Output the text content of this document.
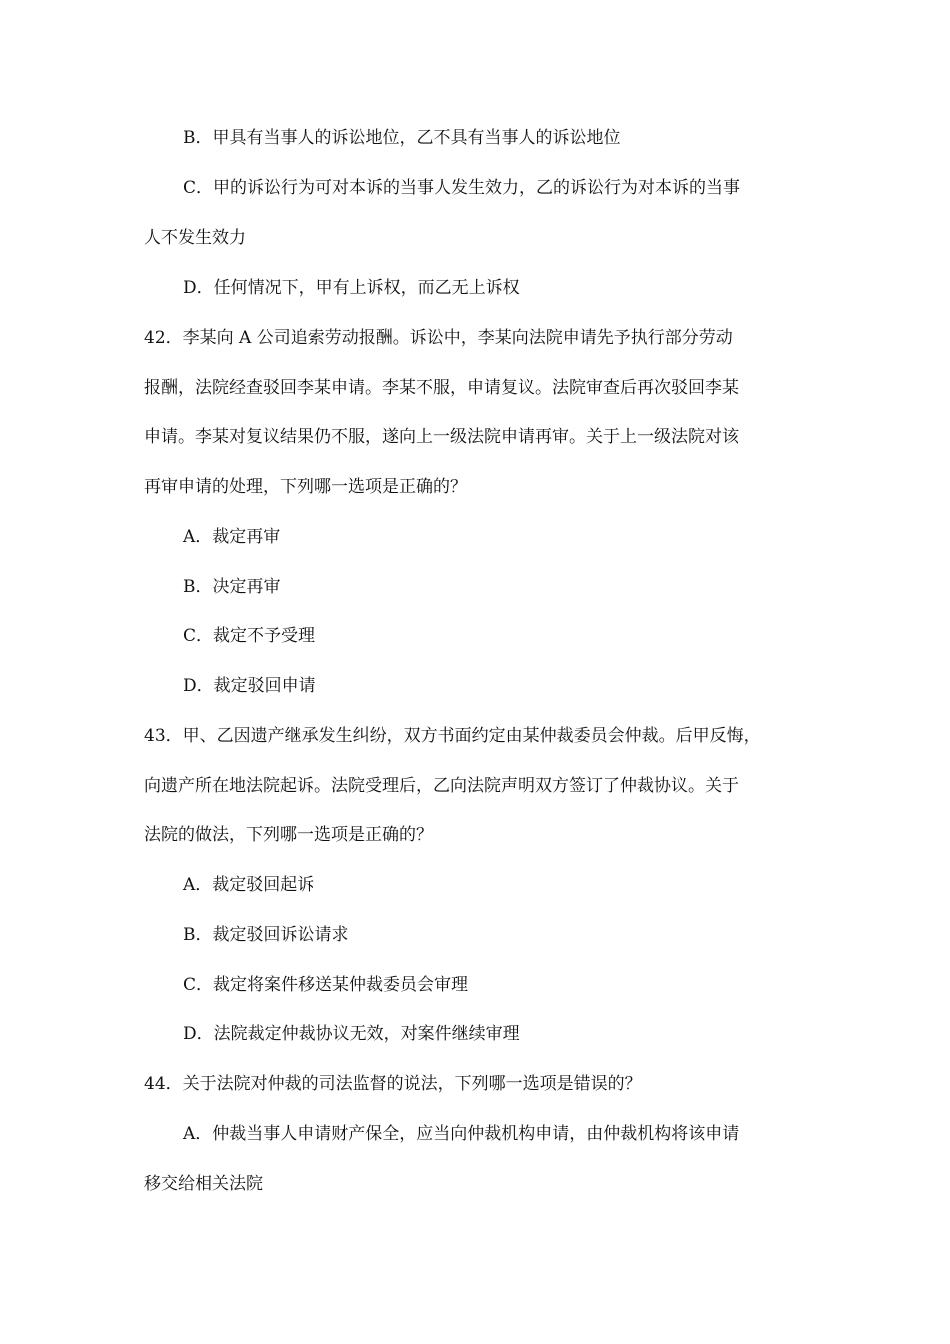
B．甲具有当事人的诉讼地位，乙不具有当事人的诉讼地位
C．甲的诉讼行为可对本诉的当事人发生效力，乙的诉讼行为对本诉的当事
人不发生效力
D．任何情况下，甲有上诉权，而乙无上诉权
42．李某向 A 公司追索劳动报酬。诉讼中，李某向法院申请先予执行部分劳动
报酬，法院经查驳回李某申请。李某不服，申请复议。法院审查后再次驳回李某
申请。李某对复议结果仍不服，遂向上一级法院申请再审。关于上一级法院对该
再审申请的处理，下列哪一选项是正确的？
A．裁定再审
B．决定再审
C．裁定不予受理
D．裁定驳回申请
43．甲、乙因遗产继承发生纠纷，双方书面约定由某仲裁委员会仲裁。后甲反悔，
向遗产所在地法院起诉。法院受理后，乙向法院声明双方签订了仲裁协议。关于
法院的做法，下列哪一选项是正确的？
A．裁定驳回起诉
B．裁定驳回诉讼请求
C．裁定将案件移送某仲裁委员会审理
D．法院裁定仲裁协议无效，对案件继续审理
44．关于法院对仲裁的司法监督的说法，下列哪一选项是错误的？
A．仲裁当事人申请财产保全，应当向仲裁机构申请，由仲裁机构将该申请
移交给相关法院
